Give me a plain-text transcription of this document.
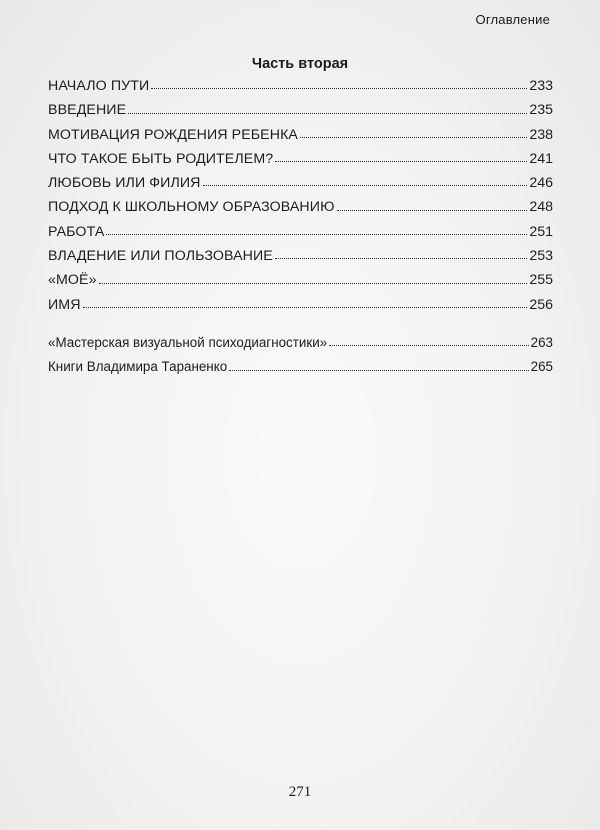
Оглавление
Часть вторая
НАЧАЛО ПУТИ	233
ВВЕДЕНИЕ	235
МОТИВАЦИЯ РОЖДЕНИЯ РЕБЕНКА	238
ЧТО ТАКОЕ БЫТЬ РОДИТЕЛЕМ?	241
ЛЮБОВЬ ИЛИ ФИЛИЯ	246
ПОДХОД К ШКОЛЬНОМУ ОБРАЗОВАНИЮ	248
РАБОТА	251
ВЛАДЕНИЕ ИЛИ ПОЛЬЗОВАНИЕ	253
«МОЁ»	255
ИМЯ	256
«Мастерская визуальной психодиагностики»	263
Книги Владимира Тараненко	265
271
